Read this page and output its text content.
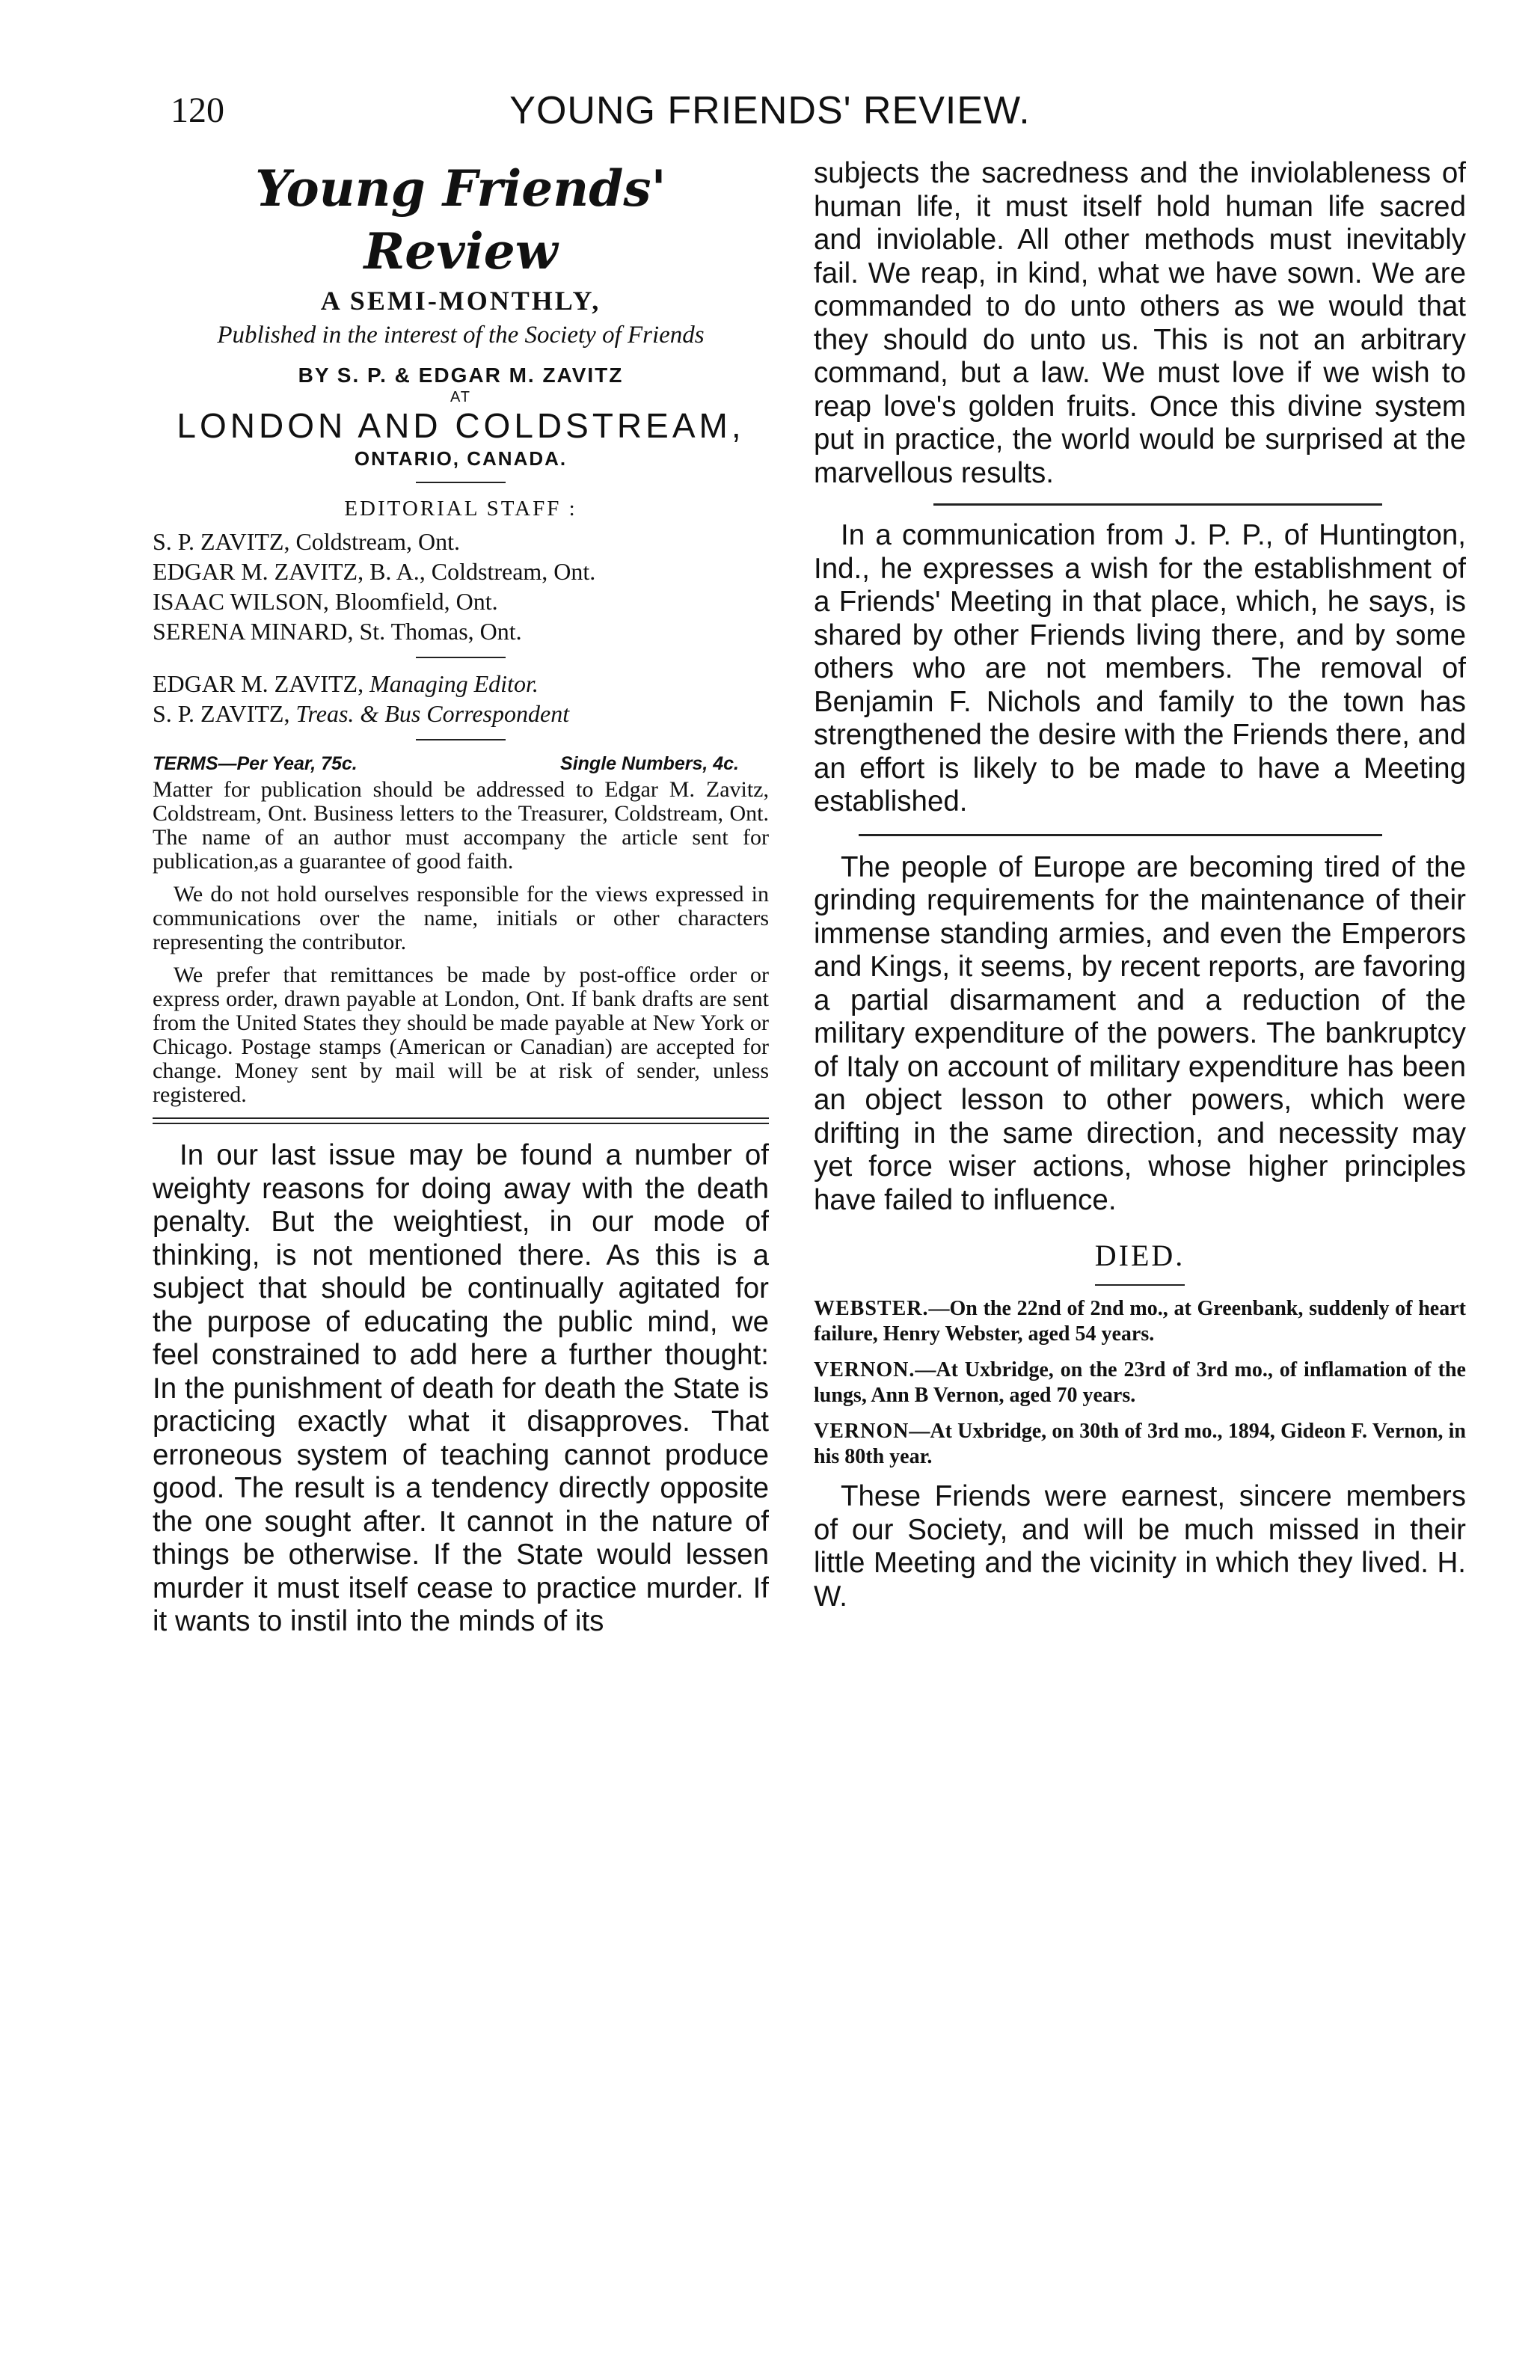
120	YOUNG FRIENDS' REVIEW.
Young Friends' Review
A SEMI-MONTHLY,
Published in the interest of the Society of Friends
BY S. P. & EDGAR M. ZAVITZ
AT
LONDON AND COLDSTREAM,
ONTARIO, CANADA.
EDITORIAL STAFF :

S. P. ZAVITZ, Coldstream, Ont.

EDGAR M. ZAVITZ, B. A., Coldstream, Ont.

ISAAC WILSON, Bloomfield, Ont.

SERENA MINARD, St. Thomas, Ont.

EDGAR M. ZAVITZ, Managing Editor.

S. P. ZAVITZ, Treas. & Bus Correspondent

TERMS—Per Year, 75c.	Single Numbers, 4c.

Matter for publication should be addressed to Edgar M. Zavitz, Coldstream, Ont. Business letters to the Treasurer, Coldstream, Ont. The name of an author must accompany the article sent for publication,as a guarantee of good faith.

We do not hold ourselves responsible for the views expressed in communications over the name, initials or other characters representing the contributor.

We prefer that remittances be made by post-office order or express order, drawn payable at London, Ont. If bank drafts are sent from the United States they should be made payable at New York or Chicago. Postage stamps (American or Canadian) are accepted for change. Money sent by mail will be at risk of sender, unless registered.

In our last issue may be found a number of weighty reasons for doing away with the death penalty. But the weightiest, in our mode of thinking, is not mentioned there. As this is a subject that should be continually agitated for the purpose of educating the public mind, we feel constrained to add here a further thought: In the punishment of death for death the State is practicing exactly what it disapproves. That erroneous system of teaching cannot produce good. The result is a tendency directly opposite the one sought after. It cannot in the nature of things be otherwise. If the State would lessen murder it must itself cease to practice murder. If it wants to instil into the minds of its

subjects the sacredness and the inviolableness of human life, it must itself hold human life sacred and inviolable. All other methods must inevitably fail. We reap, in kind, what we have sown. We are commanded to do unto others as we would that they should do unto us. This is not an arbitrary command, but a law. We must love if we wish to reap love's golden fruits. Once this divine system put in practice, the world would be surprised at the marvellous results.

In a communication from J. P. P., of Huntington, Ind., he expresses a wish for the establishment of a Friends' Meeting in that place, which, he says, is shared by other Friends living there, and by some others who are not members. The removal of Benjamin F. Nichols and family to the town has strengthened the desire with the Friends there, and an effort is likely to be made to have a Meeting established.

The people of Europe are becoming tired of the grinding requirements for the maintenance of their immense standing armies, and even the Emperors and Kings, it seems, by recent reports, are favoring a partial disarmament and a reduction of the military expenditure of the powers. The bankruptcy of Italy on account of military expenditure has been an object lesson to other powers, which were drifting in the same direction, and necessity may yet force wiser actions, whose higher principles have failed to influence.

DIED.

WEBSTER.—On the 22nd of 2nd mo., at Greenbank, suddenly of heart failure, Henry Webster, aged 54 years.

VERNON.—At Uxbridge, on the 23rd of 3rd mo., of inflamation of the lungs, Ann B Vernon, aged 70 years.

VERNON—At Uxbridge, on 30th of 3rd mo., 1894, Gideon F. Vernon, in his 80th year.

These Friends were earnest, sincere members of our Society, and will be much missed in their little Meeting and the vicinity in which they lived. H. W.
